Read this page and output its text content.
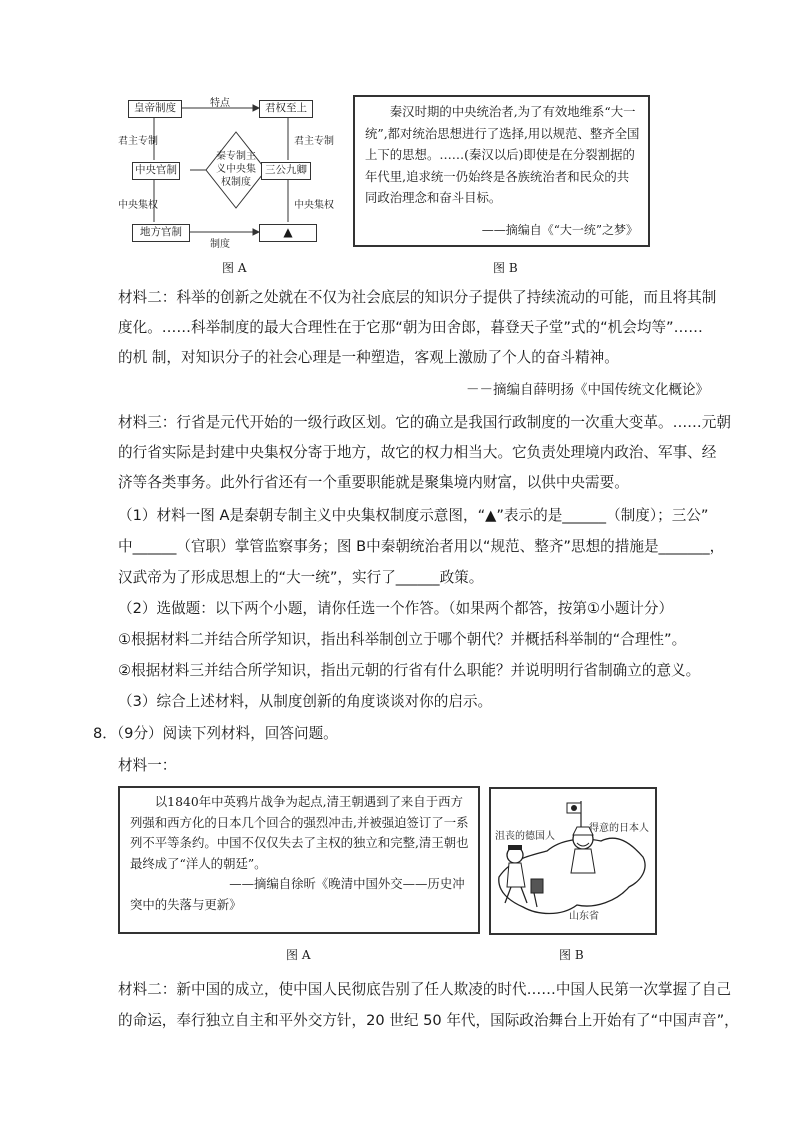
皇帝制度	君权至上
中央官制	三公九卿
地方官制	▲
秦专制主义中央集权制度
特点
君主专制	君主专制
中央集权	中央集权
制度
图 A
秦汉时期的中央统治者,为了有效地维系“大一统”,都对统治思想进行了选择,用以规范、整齐全国上下的思想。……(秦汉以后)即使是在分裂割据的年代里,追求统一仍始终是各族统治者和民众的共同政治理念和奋斗目标。
——摘编自《“大一统”之梦》
图 B
材料二：科举的创新之处就在不仅为社会底层的知识分子提供了持续流动的可能，而且将其制
度化。……科举制度的最大合理性在于它那“朝为田舍郎，暮登天子堂”式的“机会均等”……
的机 制，对知识分子的社会心理是一种塑造，客观上激励了个人的奋斗精神。
－－摘编自薛明扬《中国传统文化概论》
材料三：行省是元代开始的一级行政区划。它的确立是我国行政制度的一次重大变革。……元朝
的行省实际是封建中央集权分寄于地方，故它的权力相当大。它负责处理境内政治、军事、经
济等各类事务。此外行省还有一个重要职能就是聚集境内财富，以供中央需要。
（1）材料一图 A是秦朝专制主义中央集权制度示意图，“▲”表示的是______（制度）；三公”
中______（官职）掌管监察事务；图 B中秦朝统治者用以“规范、整齐”思想的措施是_______，
汉武帝为了形成思想上的“大一统”，实行了______政策。
（2）选做题：以下两个小题，请你任选一个作答。（如果两个都答，按第①小题计分）
①根据材料二并结合所学知识，指出科举制创立于哪个朝代？并概括科举制的“合理性”。
②根据材料三并结合所学知识，指出元朝的行省有什么职能？并说明明行省制确立的意义。
（3）综合上述材料，从制度创新的角度谈谈对你的启示。
8．（9分）阅读下列材料，回答问题。
材料一：
以1840年中英鸦片战争为起点,清王朝遇到了来自于西方列强和西方化的日本几个回合的强烈冲击,并被强迫签订了一系列不平等条约。中国不仅仅失去了主权的独立和完整,清王朝也最终成了“洋人的朝廷”。
——摘编自徐昕《晚清中国外交——历史冲突中的失落与更新》
图 A
沮丧的德国人
得意的日本人
山东省
图 B
材料二：新中国的成立，使中国人民彻底告别了任人欺凌的时代……中国人民第一次掌握了自己
的命运，奉行独立自主和平外交方针，20 世纪 50 年代，国际政治舞台上开始有了“中国声音”，
